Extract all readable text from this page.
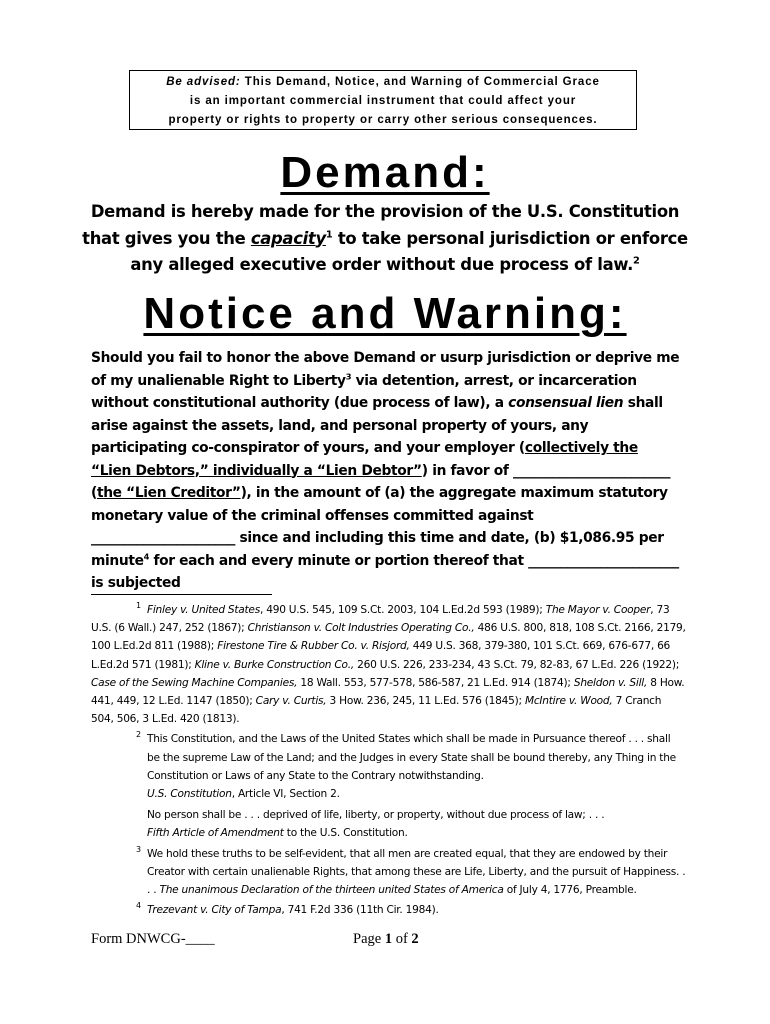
Be advised: This Demand, Notice, and Warning of Commercial Grace
is an important commercial instrument that could affect your
property or rights to property or carry other serious consequences.
Demand:
Demand is hereby made for the provision of the U.S. Constitution that gives you the capacity$^1$ to take personal jurisdiction or enforce any alleged executive order without due process of law.$^2$
Notice and Warning:
Should you fail to honor the above Demand or usurp jurisdiction or deprive me of my unalienable Right to Liberty$^3$ via detention, arrest, or incarceration without constitutional authority (due process of law), a consensual lien shall arise against the assets, land, and personal property of yours, any participating co-conspirator of yours, and your employer (collectively the “Lien Debtors,” individually a “Lien Debtor”) in favor of ________________________ (the “Lien Creditor”), in the amount of (a) the aggregate maximum statutory monetary value of the criminal offenses committed against ______________________ since and including this time and date, (b) $1,086.95 per minute$^4$ for each and every minute or portion thereof that _______________________ is subjected
1 Finley v. United States, 490 U.S. 545, 109 S.Ct. 2003, 104 L.Ed.2d 593 (1989); The Mayor v. Cooper, 73 U.S. (6 Wall.) 247, 252 (1867); Christianson v. Colt Industries Operating Co., 486 U.S. 800, 818, 108 S.Ct. 2166, 2179, 100 L.Ed.2d 811 (1988); Firestone Tire & Rubber Co. v. Risjord, 449 U.S. 368, 379-380, 101 S.Ct. 669, 676-677, 66 L.Ed.2d 571 (1981); Kline v. Burke Construction Co., 260 U.S. 226, 233-234, 43 S.Ct. 79, 82-83, 67 L.Ed. 226 (1922); Case of the Sewing Machine Companies, 18 Wall. 553, 577-578, 586-587, 21 L.Ed. 914 (1874); Sheldon v. Sill, 8 How. 441, 449, 12 L.Ed. 1147 (1850); Cary v. Curtis, 3 How. 236, 245, 11 L.Ed. 576 (1845); McIntire v. Wood, 7 Cranch 504, 506, 3 L.Ed. 420 (1813).
2 This Constitution, and the Laws of the United States which shall be made in Pursuance thereof . . . shall be the supreme Law of the Land; and the Judges in every State shall be bound thereby, any Thing in the Constitution or Laws of any State to the Contrary notwithstanding.

U.S. Constitution, Article VI, Section 2.

No person shall be . . . deprived of life, liberty, or property, without due process of law; . . .

Fifth Article of Amendment to the U.S. Constitution.

3 We hold these truths to be self-evident, that all men are created equal, that they are endowed by their Creator with certain unalienable Rights, that among these are Life, Liberty, and the pursuit of Happiness. . . . The unanimous Declaration of the thirteen united States of America of July 4, 1776, Preamble.

4 Trezevant v. City of Tampa, 741 F.2d 336 (11th Cir. 1984).

Form DNWCG-____	Page 1 of 2
